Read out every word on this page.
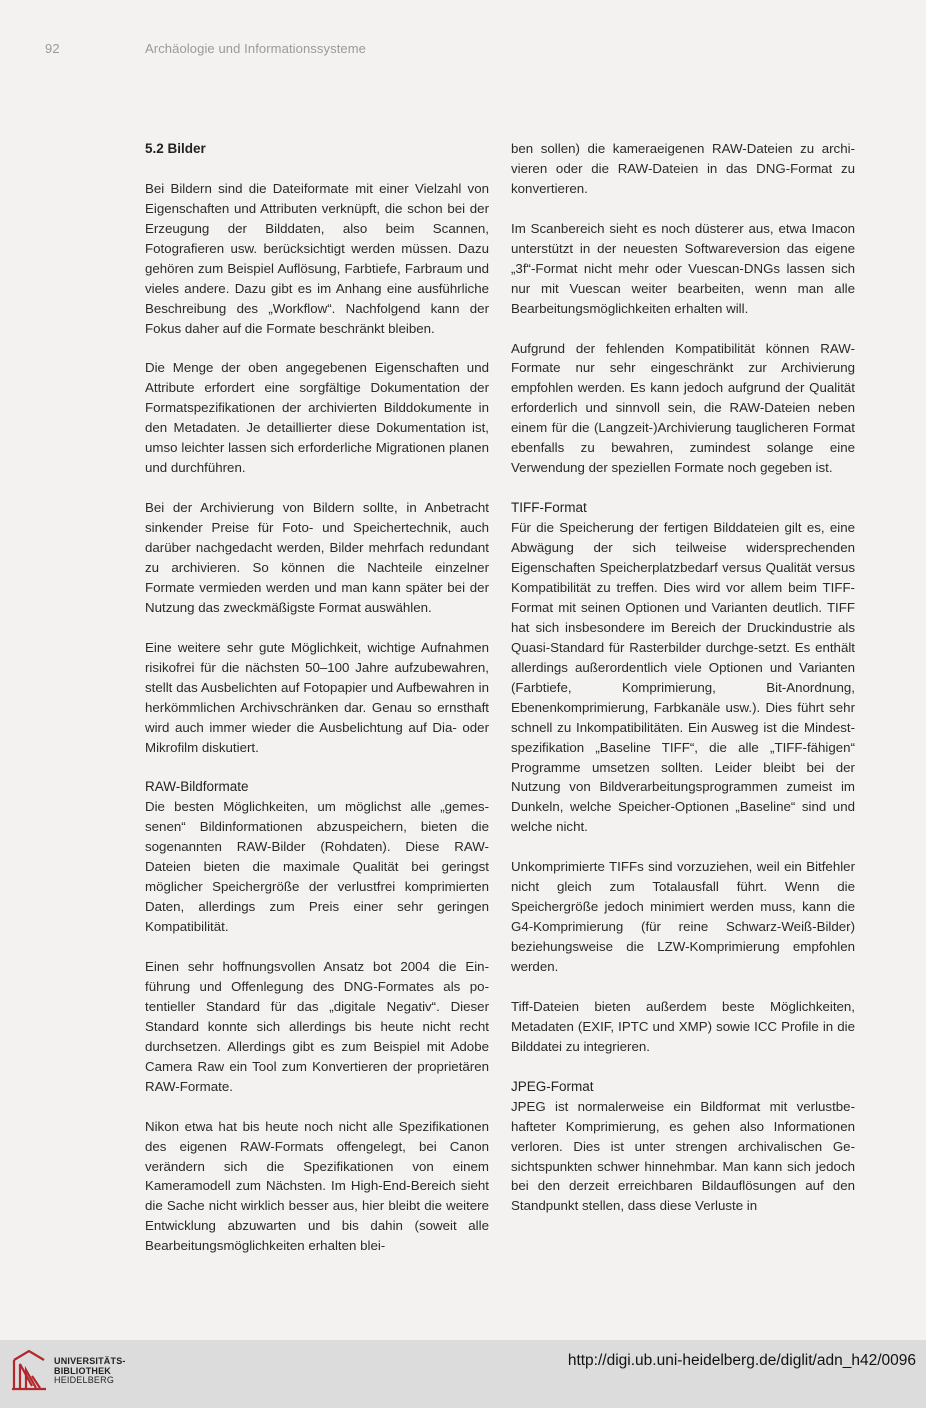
92	Archäologie und Informationssysteme
5.2 Bilder

Bei Bildern sind die Dateiformate mit einer Vielzahl von Eigenschaften und Attributen verknüpft, die schon bei der Erzeugung der Bilddaten, also beim Scannen, Fotografieren usw. berücksichtigt werden müssen. Dazu gehören zum Beispiel Auflösung, Farbtiefe, Farbraum und vieles andere. Dazu gibt es im Anhang eine ausführliche Beschreibung des „Workflow“. Nachfolgend kann der Fokus daher auf die Formate beschränkt bleiben.

Die Menge der oben angegebenen Eigenschaften und Attribute erfordert eine sorgfältige Dokumentation der Formatspezifikationen der archivierten Bilddokumente in den Metadaten. Je detaillierter diese Dokumentation ist, umso leichter lassen sich erforderliche Migrationen planen und durchführen.

Bei der Archivierung von Bildern sollte, in Anbetracht sinkender Preise für Foto- und Speichertechnik, auch darüber nachgedacht werden, Bilder mehrfach redundant zu archivieren. So können die Nachteile einzelner Formate vermieden werden und man kann später bei der Nutzung das zweckmäßigste Format auswählen.

Eine weitere sehr gute Möglichkeit, wichtige Aufnahmen risikofrei für die nächsten 50–100 Jahre aufzubewahren, stellt das Ausbelichten auf Fotopapier und Aufbewahren in herkömmlichen Archivschränken dar. Genau so ernsthaft wird auch immer wieder die Ausbelichtung auf Dia- oder Mikrofilm diskutiert.

RAW-Bildformate

Die besten Möglichkeiten, um möglichst alle „gemessenen“ Bildinformationen abzuspeichern, bieten die sogenannten RAW-Bilder (Rohdaten). Diese RAW-Dateien bieten die maximale Qualität bei geringst möglicher Speichergröße der verlustfrei komprimierten Daten, allerdings zum Preis einer sehr geringen Kompatibilität.

Einen sehr hoffnungsvollen Ansatz bot 2004 die Einführung und Offenlegung des DNG-Formates als potentieller Standard für das „digitale Negativ“. Dieser Standard konnte sich allerdings bis heute nicht recht durchsetzen. Allerdings gibt es zum Beispiel mit Adobe Camera Raw ein Tool zum Konvertieren der proprietären RAW-Formate.

Nikon etwa hat bis heute noch nicht alle Spezifikationen des eigenen RAW-Formats offengelegt, bei Canon verändern sich die Spezifikationen von einem Kameramodell zum Nächsten. Im High-End-Bereich sieht die Sache nicht wirklich besser aus, hier bleibt die weitere Entwicklung abzuwarten und bis dahin (soweit alle Bearbeitungsmöglichkeiten erhalten blei-

ben sollen) die kameraeigenen RAW-Dateien zu archivieren oder die RAW-Dateien in das DNG-Format zu konvertieren.

Im Scanbereich sieht es noch düsterer aus, etwa Imacon unterstützt in der neuesten Softwareversion das eigene „3f“-Format nicht mehr oder Vuescan-DNGs lassen sich nur mit Vuescan weiter bearbeiten, wenn man alle Bearbeitungsmöglichkeiten erhalten will.

Aufgrund der fehlenden Kompatibilität können RAW-Formate nur sehr eingeschränkt zur Archivierung empfohlen werden. Es kann jedoch aufgrund der Qualität erforderlich und sinnvoll sein, die RAW-Dateien neben einem für die (Langzeit-)Archivierung tauglicheren Format ebenfalls zu bewahren, zumindest solange eine Verwendung der speziellen Formate noch gegeben ist.

TIFF-Format

Für die Speicherung der fertigen Bilddateien gilt es, eine Abwägung der sich teilweise widersprechenden Eigenschaften Speicherplatzbedarf versus Qualität versus Kompatibilität zu treffen. Dies wird vor allem beim TIFF-Format mit seinen Optionen und Varianten deutlich. TIFF hat sich insbesondere im Bereich der Druckindustrie als Quasi-Standard für Rasterbilder durchge-setzt. Es enthält allerdings außerordentlich viele Optionen und Varianten (Farbtiefe, Komprimierung, Bit-Anordnung, Ebenenkomprimierung, Farbkanäle usw.). Dies führt sehr schnell zu Inkompatibilitäten. Ein Ausweg ist die Mindestspezifikation „Baseline TIFF“, die alle „TIFF-fähigen“ Programme umsetzen sollten. Leider bleibt bei der Nutzung von Bildverarbeitungsprogrammen zumeist im Dunkeln, welche Speicher-Optionen „Baseline“ sind und welche nicht.

Unkomprimierte TIFFs sind vorzuziehen, weil ein Bitfehler nicht gleich zum Totalausfall führt. Wenn die Speichergröße jedoch minimiert werden muss, kann die G4-Komprimierung (für reine Schwarz-Weiß-Bilder) beziehungsweise die LZW-Komprimierung empfohlen werden.

Tiff-Dateien bieten außerdem beste Möglichkeiten, Metadaten (EXIF, IPTC und XMP) sowie ICC Profile in die Bilddatei zu integrieren.

JPEG-Format

JPEG ist normalerweise ein Bildformat mit verlustbehafteter Komprimierung, es gehen also Informationen verloren. Dies ist unter strengen archivalischen Gesichtspunkten schwer hinnehmbar. Man kann sich jedoch bei den derzeit erreichbaren Bildauflösungen auf den Standpunkt stellen, dass diese Verluste in

UNIVERSITÄTS-
BIBLIOTHEK
HEIDELBERG
http://digi.ub.uni-heidelberg.de/diglit/adn_h42/0096
